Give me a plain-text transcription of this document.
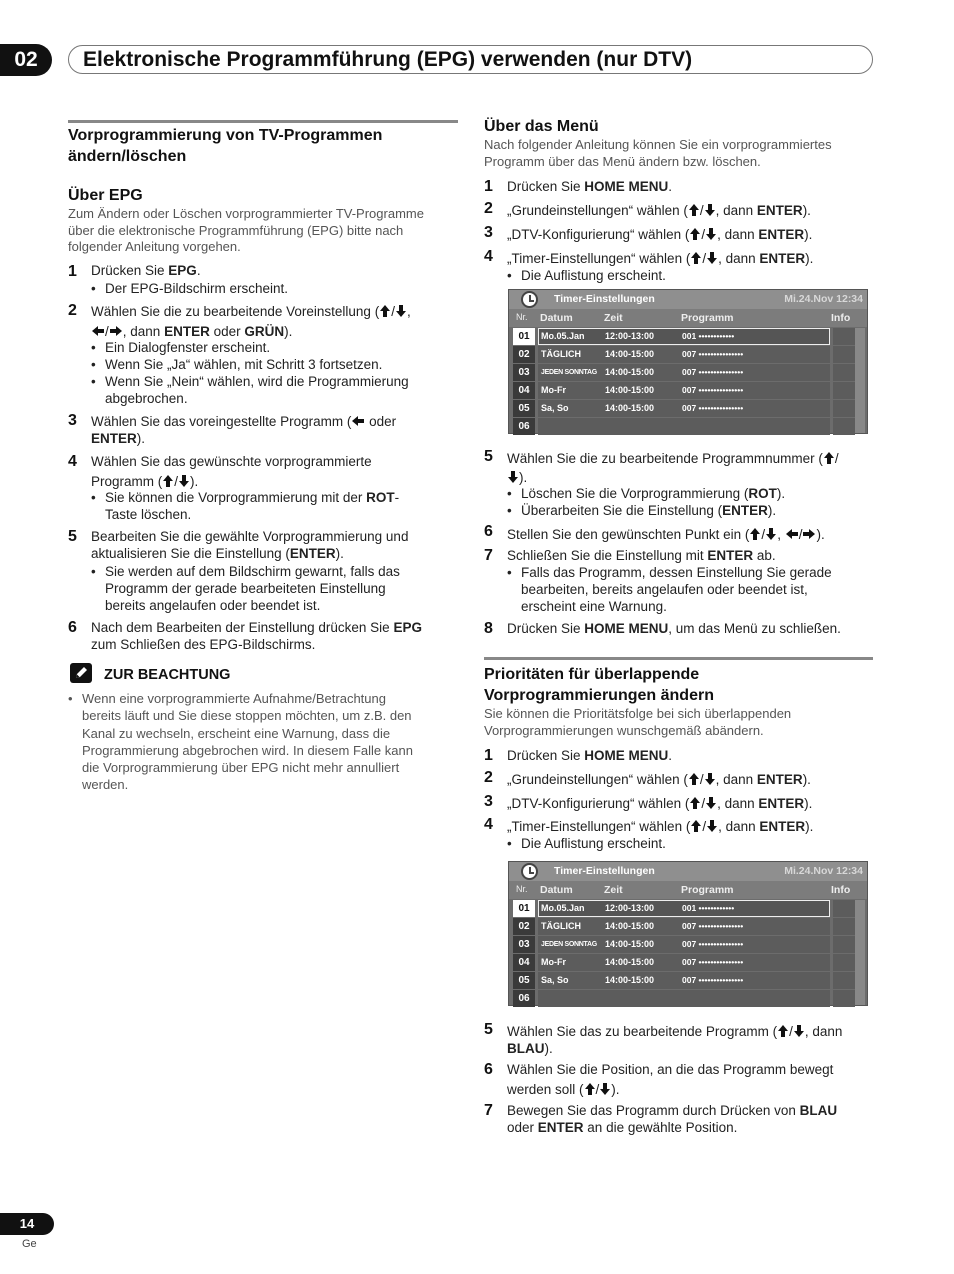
02	Elektronische Programmführung (EPG) verwenden (nur DTV)
Vorprogrammierung von TV-Programmen
ändern/löschen
Über EPG
Zum Ändern oder Löschen vorprogrammierter TV-Programme
über die elektronische Programmführung (EPG) bitte nach
folgender Anleitung vorgehen.
1 Drücken Sie EPG.
• Der EPG-Bildschirm erscheint.
2 Wählen Sie die zu bearbeitende Voreinstellung ( / ,
/ , dann ENTER oder GRÜN).
• Ein Dialogfenster erscheint.
• Wenn Sie „Ja“ wählen, mit Schritt 3 fortsetzen.
• Wenn Sie „Nein“ wählen, wird die Programmierung
abgebrochen.
3 Wählen Sie das voreingestellte Programm ( oder
ENTER).
4 Wählen Sie das gewünschte vorprogrammierte
Programm ( / ).
• Sie können die Vorprogrammierung mit der ROT-
Taste löschen.
5 Bearbeiten Sie die gewählte Vorprogrammierung und
aktualisieren Sie die Einstellung (ENTER).
• Sie werden auf dem Bildschirm gewarnt, falls das
Programm der gerade bearbeiteten Einstellung
bereits angelaufen oder beendet ist.
6 Nach dem Bearbeiten der Einstellung drücken Sie EPG
zum Schließen des EPG-Bildschirms.
ZUR BEACHTUNG
• Wenn eine vorprogrammierte Aufnahme/Betrachtung
bereits läuft und Sie diese stoppen möchten, um z.B. den
Kanal zu wechseln, erscheint eine Warnung, dass die
Programmierung abgebrochen wird. In diesem Falle kann
die Vorprogrammierung über EPG nicht mehr annulliert
werden.
Über das Menü
Nach folgender Anleitung können Sie ein vorprogrammiertes
Programm über das Menü ändern bzw. löschen.
1 Drücken Sie HOME MENU.
2 „Grundeinstellungen“ wählen ( / , dann ENTER).
3 „DTV-Konfigurierung“ wählen ( / , dann ENTER).
4 „Timer-Einstellungen“ wählen ( / , dann ENTER).
• Die Auflistung erscheint.
Timer-Einstellungen	Mi.24.Nov 12:34
Nr. Datum	Zeit	Programm	Info
01	Mo.05.Jan 12:00-13:00	001 ••••••••••••
02	TÄGLICH	14:00-15:00	007 •••••••••••••••
03	JEDEN SONNTAG 14:00-15:00	007 •••••••••••••••
04	Mo-Fr	14:00-15:00	007 •••••••••••••••
05	Sa, So	14:00-15:00	007 •••••••••••••••
06
5 Wählen Sie die zu bearbeitende Programmnummer ( /
).
• Löschen Sie die Vorprogrammierung (ROT).
• Überarbeiten Sie die Einstellung (ENTER).
6 Stellen Sie den gewünschten Punkt ein ( / , / ).
7 Schließen Sie die Einstellung mit ENTER ab.
• Falls das Programm, dessen Einstellung Sie gerade
bearbeiten, bereits angelaufen oder beendet ist,
erscheint eine Warnung.
8 Drücken Sie HOME MENU, um das Menü zu schließen.
Prioritäten für überlappende
Vorprogrammierungen ändern
Sie können die Prioritätsfolge bei sich überlappenden
Vorprogrammierungen wunschgemäß abändern.
1 Drücken Sie HOME MENU.
2 „Grundeinstellungen“ wählen ( / , dann ENTER).
3 „DTV-Konfigurierung“ wählen ( / , dann ENTER).
4 „Timer-Einstellungen“ wählen ( / , dann ENTER).
• Die Auflistung erscheint.
Timer-Einstellungen	Mi.24.Nov 12:34
Nr. Datum	Zeit	Programm	Info
01	Mo.05.Jan 12:00-13:00	001 ••••••••••••
02	TÄGLICH	14:00-15:00	007 •••••••••••••••
03	JEDEN SONNTAG 14:00-15:00	007 •••••••••••••••
04	Mo-Fr	14:00-15:00	007 •••••••••••••••
05	Sa, So	14:00-15:00	007 •••••••••••••••
06
5 Wählen Sie das zu bearbeitende Programm ( / , dann
BLAU).
6 Wählen Sie die Position, an die das Programm bewegt
werden soll ( / ).
7 Bewegen Sie das Programm durch Drücken von BLAU
oder ENTER an die gewählte Position.
14
Ge
